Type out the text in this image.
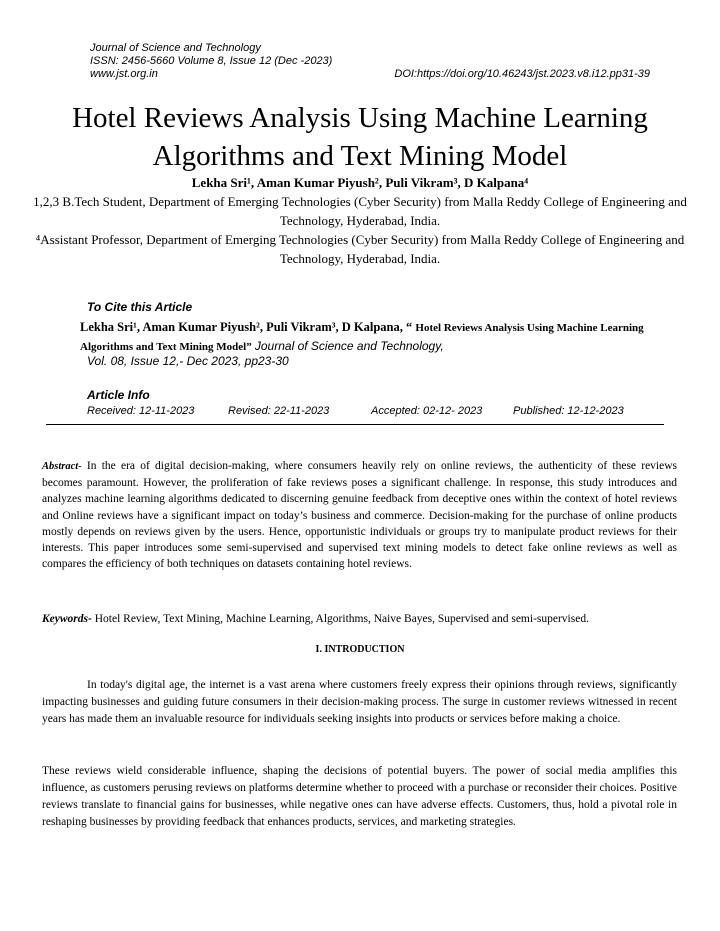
Journal of Science and Technology
ISSN: 2456-5660 Volume 8, Issue 12 (Dec -2023)
www.jst.org.in	DOI:https://doi.org/10.46243/jst.2023.v8.i12.pp31-39
Hotel Reviews Analysis Using Machine Learning
Algorithms and Text Mining Model
Lekha Sri¹, Aman Kumar Piyush², Puli Vikram³, D Kalpana⁴
1,2,3 B.Tech Student, Department of Emerging Technologies (Cyber Security) from Malla Reddy College of Engineering and Technology, Hyderabad, India.
⁴Assistant Professor, Department of Emerging Technologies (Cyber Security) from Malla Reddy College of Engineering and Technology, Hyderabad, India.
To Cite this Article
Lekha Sri¹, Aman Kumar Piyush², Puli Vikram³, D Kalpana, “ Hotel Reviews Analysis Using Machine Learning Algorithms and Text Mining Model” Journal of Science and Technology,
Vol. 08, Issue 12,- Dec 2023, pp23-30
Article Info
Received: 12-11-2023	Revised: 22-11-2023	Accepted: 02-12- 2023	Published: 12-12-2023
Abstract- In the era of digital decision-making, where consumers heavily rely on online reviews, the authenticity of these reviews becomes paramount. However, the proliferation of fake reviews poses a significant challenge. In response, this study introduces and analyzes machine learning algorithms dedicated to discerning genuine feedback from deceptive ones within the context of hotel reviews and Online reviews have a significant impact on today’s business and commerce. Decision-making for the purchase of online products mostly depends on reviews given by the users. Hence, opportunistic individuals or groups try to manipulate product reviews for their interests. This paper introduces some semi-supervised and supervised text mining models to detect fake online reviews as well as compares the efficiency of both techniques on datasets containing hotel reviews.
Keywords- Hotel Review, Text Mining, Machine Learning, Algorithms, Naive Bayes, Supervised and semi-supervised.
I. INTRODUCTION
In today's digital age, the internet is a vast arena where customers freely express their opinions through reviews, significantly impacting businesses and guiding future consumers in their decision-making process. The surge in customer reviews witnessed in recent years has made them an invaluable resource for individuals seeking insights into products or services before making a choice.
These reviews wield considerable influence, shaping the decisions of potential buyers. The power of social media amplifies this influence, as customers perusing reviews on platforms determine whether to proceed with a purchase or reconsider their choices. Positive reviews translate to financial gains for businesses, while negative ones can have adverse effects. Customers, thus, hold a pivotal role in reshaping businesses by providing feedback that enhances products, services, and marketing strategies.
